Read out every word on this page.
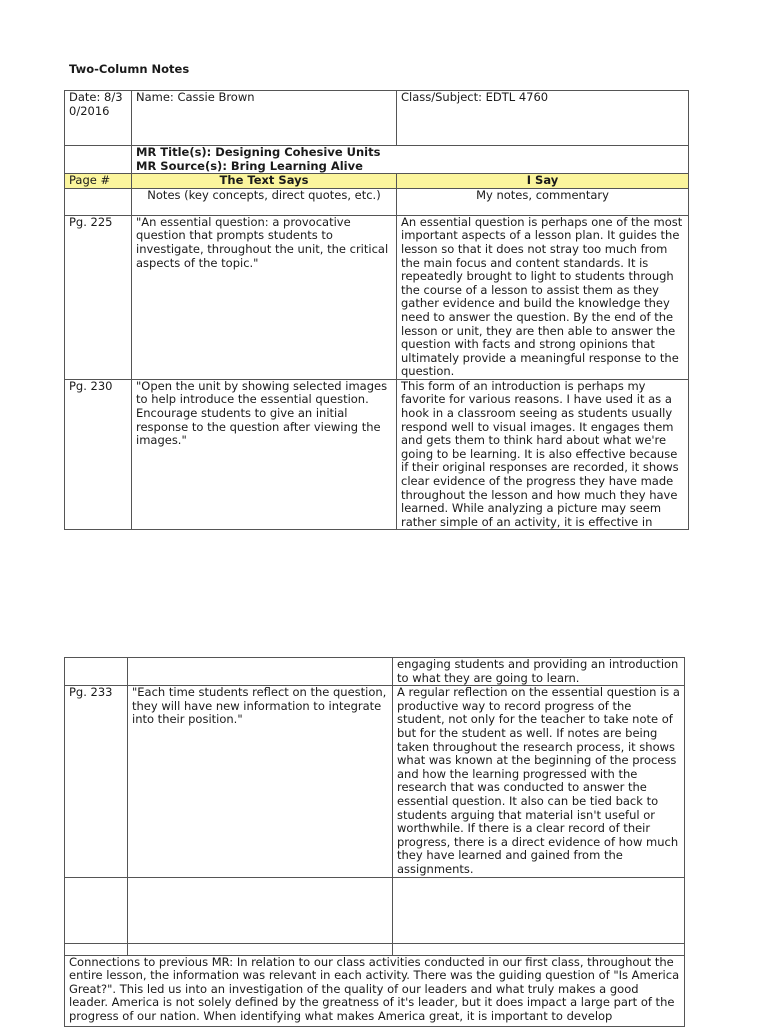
Two-Column Notes
Date: 8/30/2016	Name: Cassie Brown	Class/Subject: EDTL 4760

	MR Title(s): Designing Cohesive Units
MR Source(s): Bring Learning Alive	

Page #	The Text Says	I Say
	Notes (key concepts, direct quotes, etc.)	My notes, commentary
Pg. 225	"An essential question: a provocative question that prompts students to investigate, throughout the unit, the critical aspects of the topic."	An essential question is perhaps one of the most important aspects of a lesson plan. It guides the lesson so that it does not stray too much from the main focus and content standards. It is repeatedly brought to light to students through the course of a lesson to assist them as they gather evidence and build the knowledge they need to answer the question. By the end of the lesson or unit, they are then able to answer the question with facts and strong opinions that ultimately provide a meaningful response to the question.

Pg. 230	"Open the unit by showing selected images to help introduce the essential question. Encourage students to give an initial response to the question after viewing the images."	This form of an introduction is perhaps my favorite for various reasons. I have used it as a hook in a classroom seeing as students usually respond well to visual images. It engages them and gets them to think hard about what we're going to be learning. It is also effective because if their original responses are recorded, it shows clear evidence of the progress they have made throughout the lesson and how much they have learned. While analyzing a picture may seem rather simple of an activity, it is effective in
		engaging students and providing an introduction to what they are going to learn.
Pg. 233	"Each time students reflect on the question, they will have new information to integrate into their position."	A regular reflection on the essential question is a productive way to record progress of the student, not only for the teacher to take note of but for the student as well. If notes are being taken throughout the research process, it shows what was known at the beginning of the process and how the learning progressed with the research that was conducted to answer the essential question. It also can be tied back to students arguing that material isn't useful or worthwhile. If there is a clear record of their progress, there is a direct evidence of how much they have learned and gained from the assignments.

Connections to previous MR: In relation to our class activities conducted in our first class, throughout the entire lesson, the information was relevant in each activity. There was the guiding question of "Is America Great?". This led us into an investigation of the quality of our leaders and what truly makes a good leader. America is not solely defined by the greatness of it's leader, but it does impact a large part of the progress of our nation. When identifying what makes America great, it is important to develop		
